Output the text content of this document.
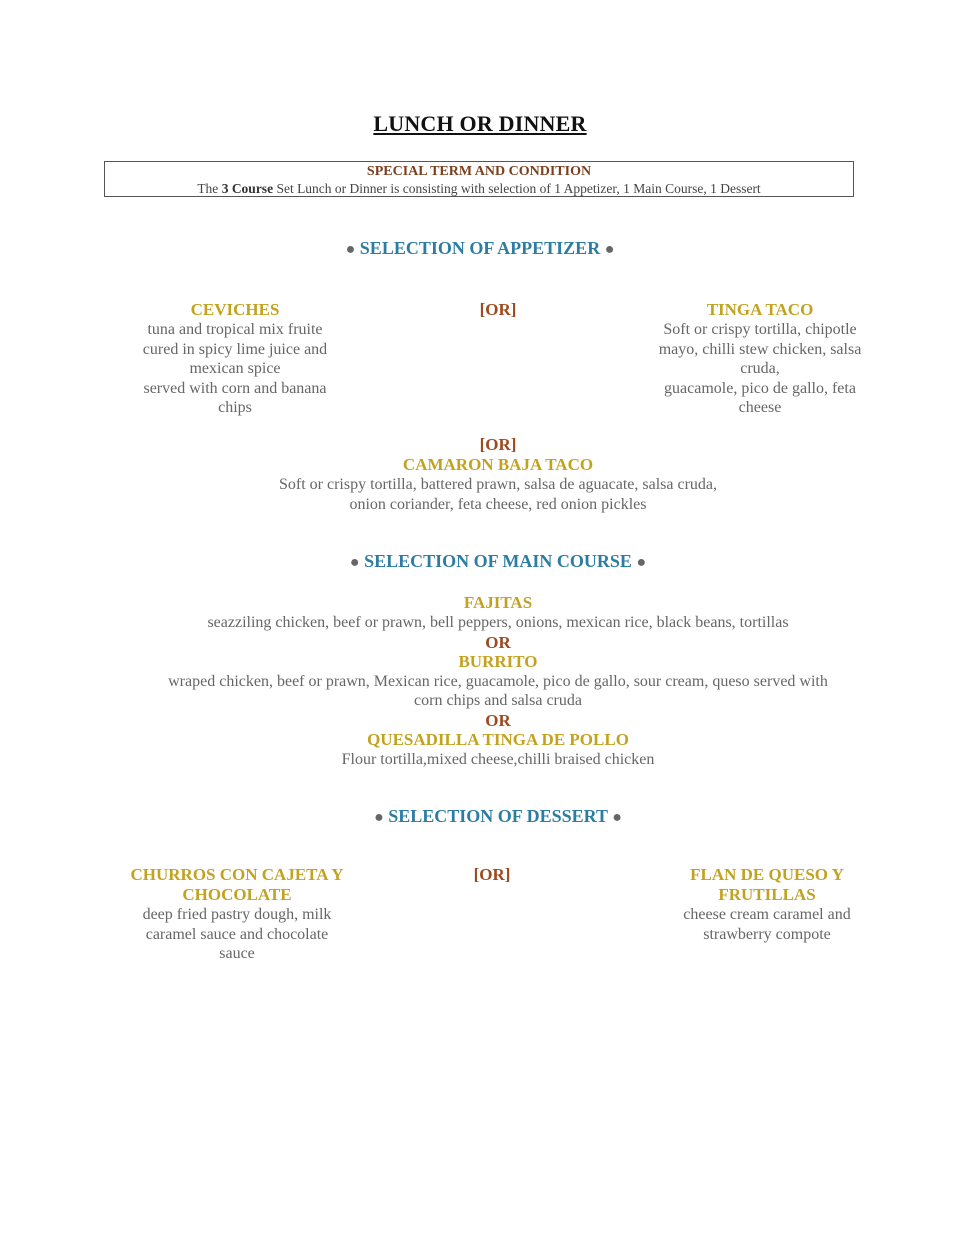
LUNCH OR DINNER
SPECIAL TERM AND CONDITION
The 3 Course Set Lunch or Dinner is consisting with selection of 1 Appetizer, 1 Main Course, 1 Dessert
● SELECTION OF APPETIZER ●
CEVICHES
tuna and tropical mix fruite
cured in spicy lime juice and
mexican spice
served with corn and banana
chips
[OR]	TINGA TACO
Soft or crispy tortilla, chipotle
mayo, chilli stew chicken, salsa
cruda,
guacamole, pico de gallo, feta
cheese
[OR]
CAMARON BAJA TACO
Soft or crispy tortilla, battered prawn, salsa de aguacate, salsa cruda,
onion coriander, feta cheese, red onion pickles
● SELECTION OF MAIN COURSE ●
FAJITAS
seazziling chicken, beef or prawn, bell peppers, onions, mexican rice, black beans, tortillas
OR
BURRITO
wraped chicken, beef or prawn, Mexican rice, guacamole, pico de gallo, sour cream, queso served with
corn chips and salsa cruda
OR
QUESADILLA TINGA DE POLLO
Flour tortilla,mixed cheese,chilli braised chicken
● SELECTION OF DESSERT ●
CHURROS CON CAJETA Y
CHOCOLATE
deep fried pastry dough, milk
caramel sauce and chocolate
sauce
[OR]	FLAN DE QUESO Y
FRUTILLAS
cheese cream caramel and
strawberry compote
